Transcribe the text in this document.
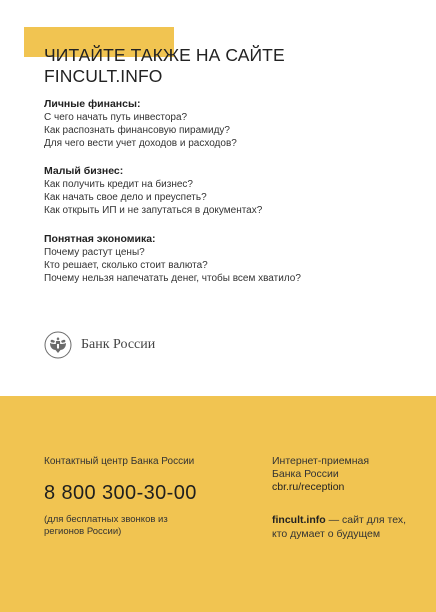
ЧИТАЙТЕ ТАКЖЕ НА САЙТЕ
FINCULT.INFO
Личные финансы:
С чего начать путь инвестора?
Как распознать финансовую пирамиду?
Для чего вести учет доходов и расходов?
Малый бизнес:
Как получить кредит на бизнес?
Как начать свое дело и преуспеть?
Как открыть ИП и не запутаться в документах?
Понятная экономика:
Почему растут цены?
Кто решает, сколько стоит валюта?
Почему нельзя напечатать денег, чтобы всем хватило?
Банк России
Контактный центр Банка России
8 800 300-30-00
(для бесплатных звонков из регионов России)
Интернет-приемная
Банка России
cbr.ru/reception
fincult.info — сайт для тех, кто думает о будущем
